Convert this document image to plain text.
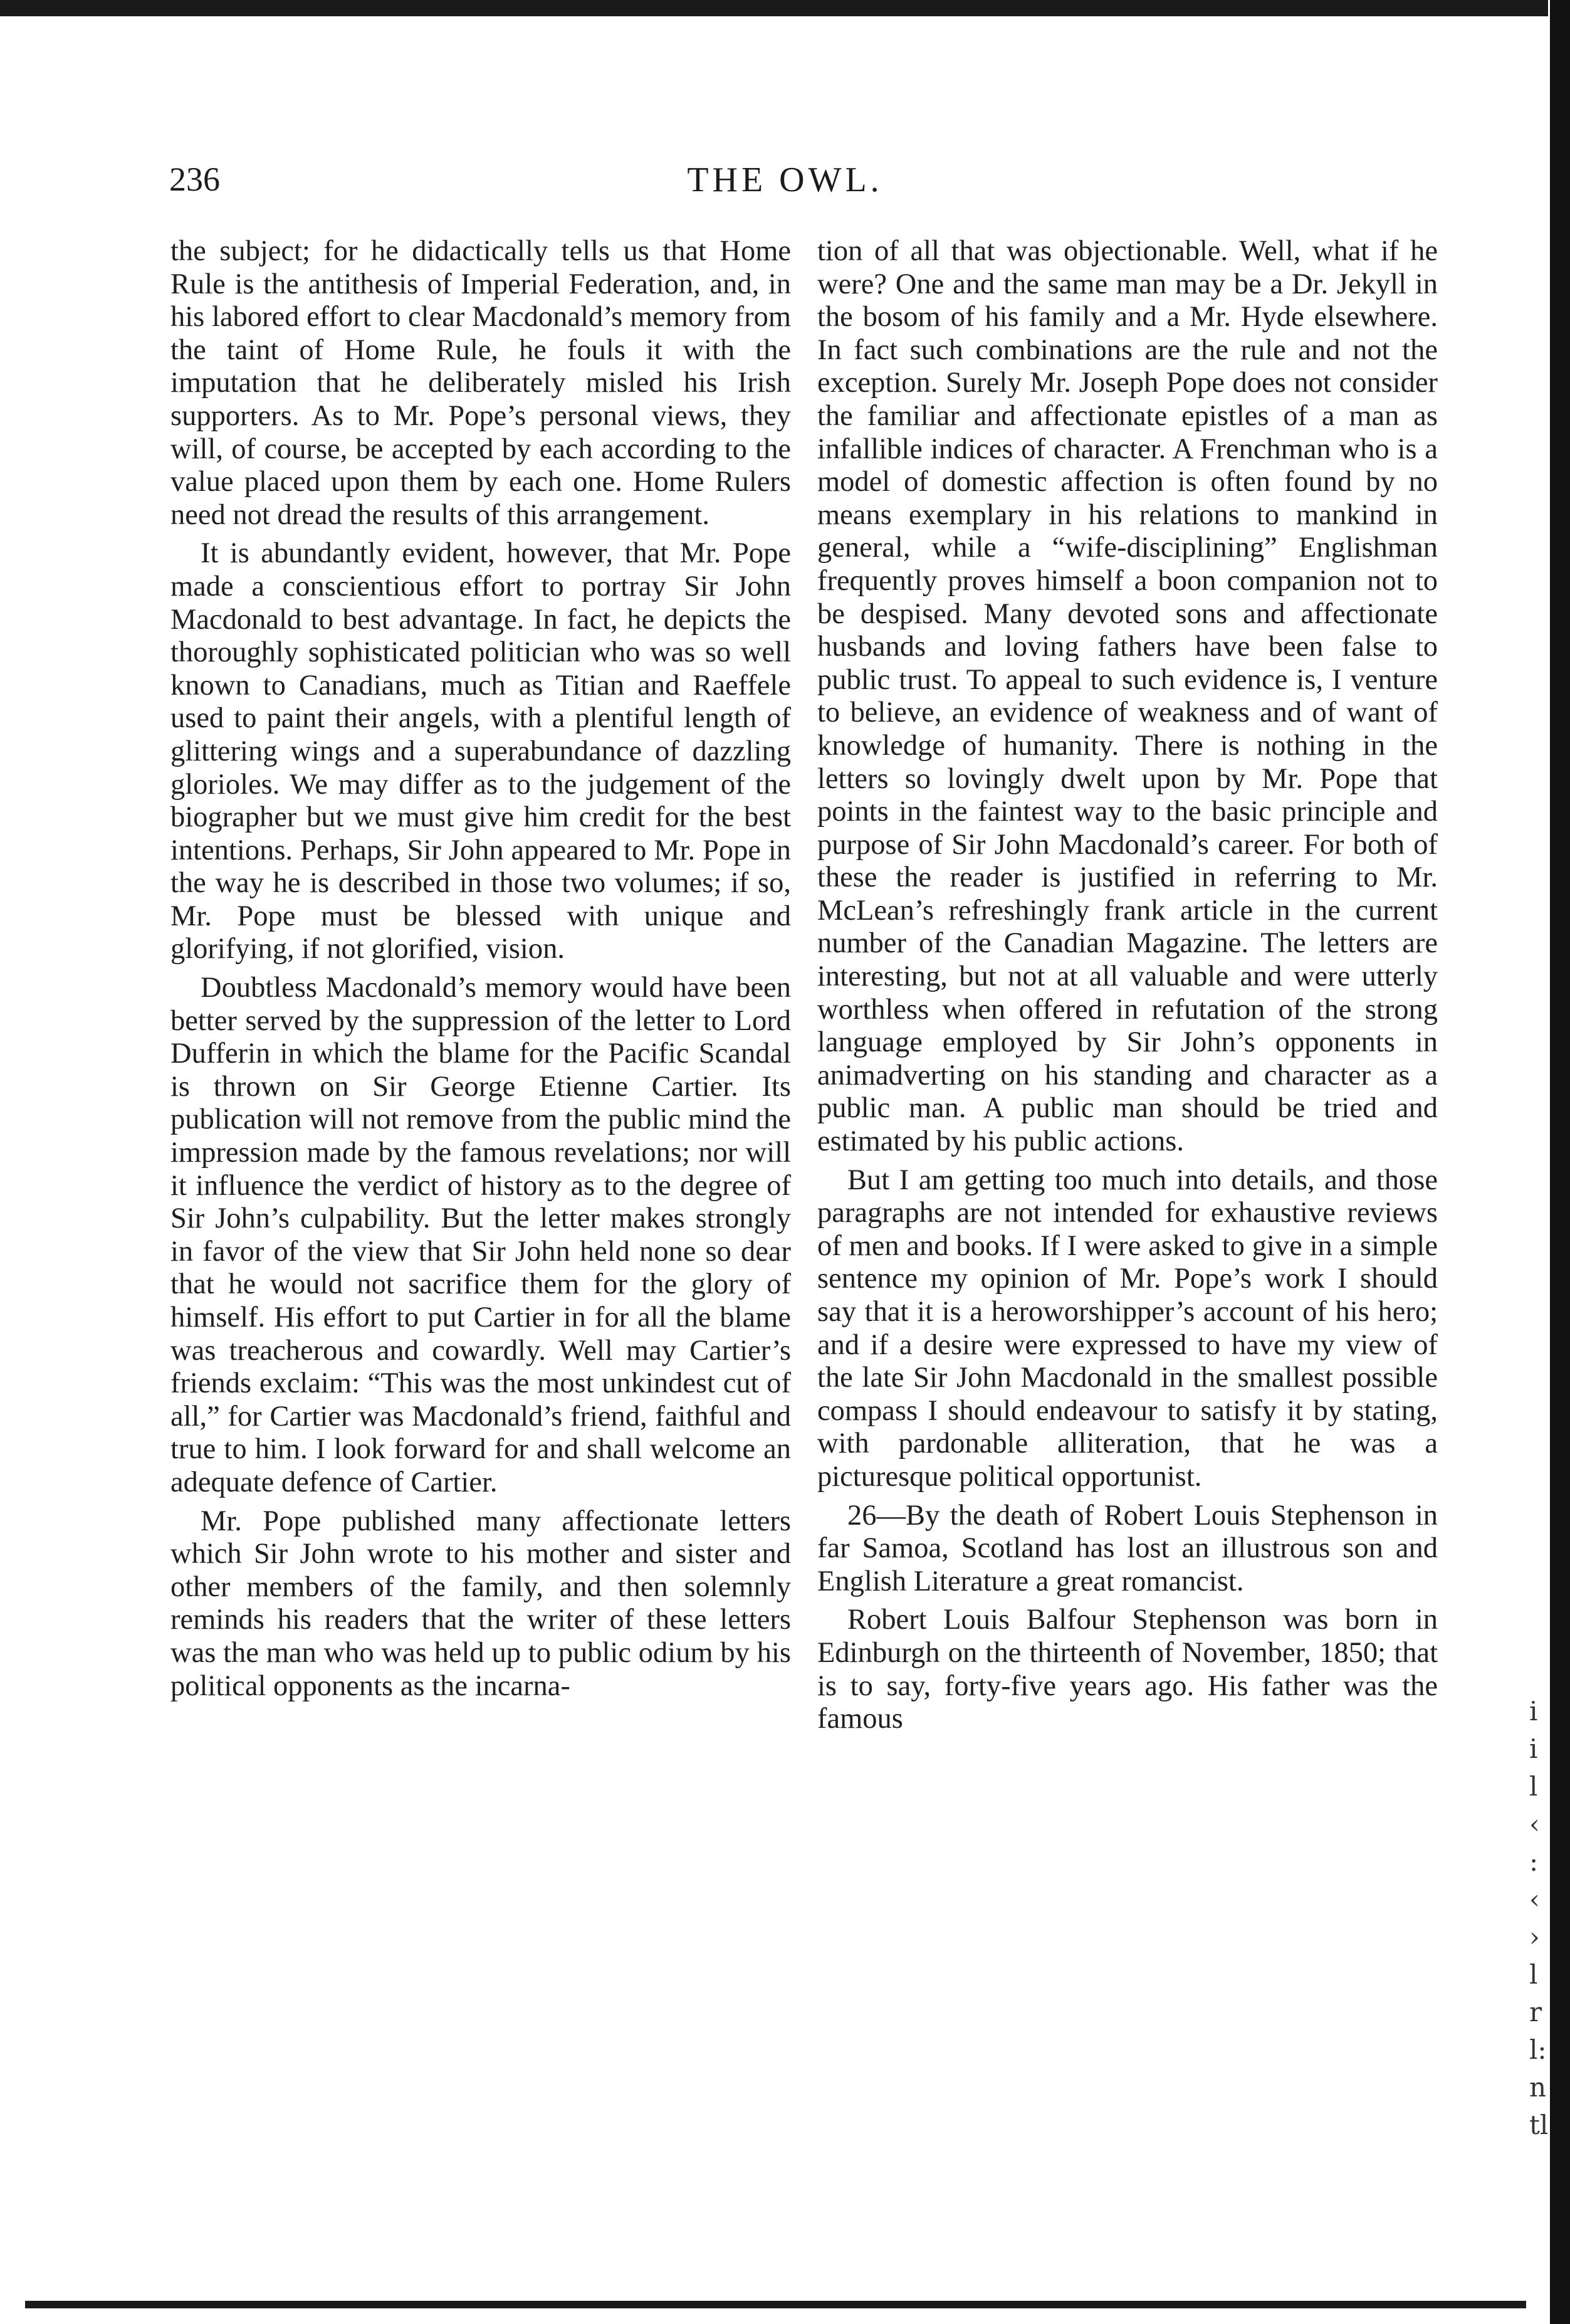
236	THE OWL.

the subject; for he didactically tells us that Home Rule is the antithesis of Imperial Federation, and, in his labored effort to clear Macdonald’s memory from the taint of Home Rule, he fouls it with the imputation that he deliberately misled his Irish supporters. As to Mr. Pope’s personal views, they will, of course, be accepted by each according to the value placed upon them by each one. Home Rulers need not dread the results of this arrangement.

It is abundantly evident, however, that Mr. Pope made a conscientious effort to portray Sir John Macdonald to best advantage. In fact, he depicts the thoroughly sophisticated politician who was so well known to Canadians, much as Titian and Raeffele used to paint their angels, with a plentiful length of glittering wings and a superabundance of dazzling glorioles. We may differ as to the judgement of the biographer but we must give him credit for the best intentions. Perhaps, Sir John appeared to Mr. Pope in the way he is described in those two volumes; if so, Mr. Pope must be blessed with unique and glorifying, if not glorified, vision.

Doubtless Macdonald’s memory would have been better served by the suppression of the letter to Lord Dufferin in which the blame for the Pacific Scandal is thrown on Sir George Etienne Cartier. Its publication will not remove from the public mind the impression made by the famous revelations; nor will it influence the verdict of history as to the degree of Sir John’s culpability. But the letter makes strongly in favor of the view that Sir John held none so dear that he would not sacrifice them for the glory of himself. His effort to put Cartier in for all the blame was treacherous and cowardly. Well may Cartier’s friends exclaim: “This was the most unkindest cut of all,” for Cartier was Macdonald’s friend, faithful and true to him. I look forward for and shall welcome an adequate defence of Cartier.

Mr. Pope published many affectionate letters which Sir John wrote to his mother and sister and other members of the family, and then solemnly reminds his readers that the writer of these letters was the man who was held up to public odium by his political opponents as the incarna-

tion of all that was objectionable. Well, what if he were? One and the same man may be a Dr. Jekyll in the bosom of his family and a Mr. Hyde elsewhere. In fact such combinations are the rule and not the exception. Surely Mr. Joseph Pope does not consider the familiar and affectionate epistles of a man as infallible indices of character. A Frenchman who is a model of domestic affection is often found by no means exemplary in his relations to mankind in general, while a “wife-disciplining” Englishman frequently proves himself a boon companion not to be despised. Many devoted sons and affectionate husbands and loving fathers have been false to public trust. To appeal to such evidence is, I venture to believe, an evidence of weakness and of want of knowledge of humanity. There is nothing in the letters so lovingly dwelt upon by Mr. Pope that points in the faintest way to the basic principle and purpose of Sir John Macdonald’s career. For both of these the reader is justified in referring to Mr. McLean’s refreshingly frank article in the current number of the Canadian Magazine. The letters are interesting, but not at all valuable and were utterly worthless when offered in refutation of the strong language employed by Sir John’s opponents in animadverting on his standing and character as a public man. A public man should be tried and estimated by his public actions.

But I am getting too much into details, and those paragraphs are not intended for exhaustive reviews of men and books. If I were asked to give in a simple sentence my opinion of Mr. Pope’s work I should say that it is a heroworshipper’s account of his hero; and if a desire were expressed to have my view of the late Sir John Macdonald in the smallest possible compass I should endeavour to satisfy it by stating, with pardonable alliteration, that he was a picturesque political opportunist.

26—By the death of Robert Louis Stephenson in far Samoa, Scotland has lost an illustrous son and English Literature a great romancist.

Robert Louis Balfour Stephenson was born in Edinburgh on the thirteenth of November, 1850; that is to say, forty-five years ago. His father was the famous	i
i
l
‹
:
‹
›
l
r
l:
n
tl
